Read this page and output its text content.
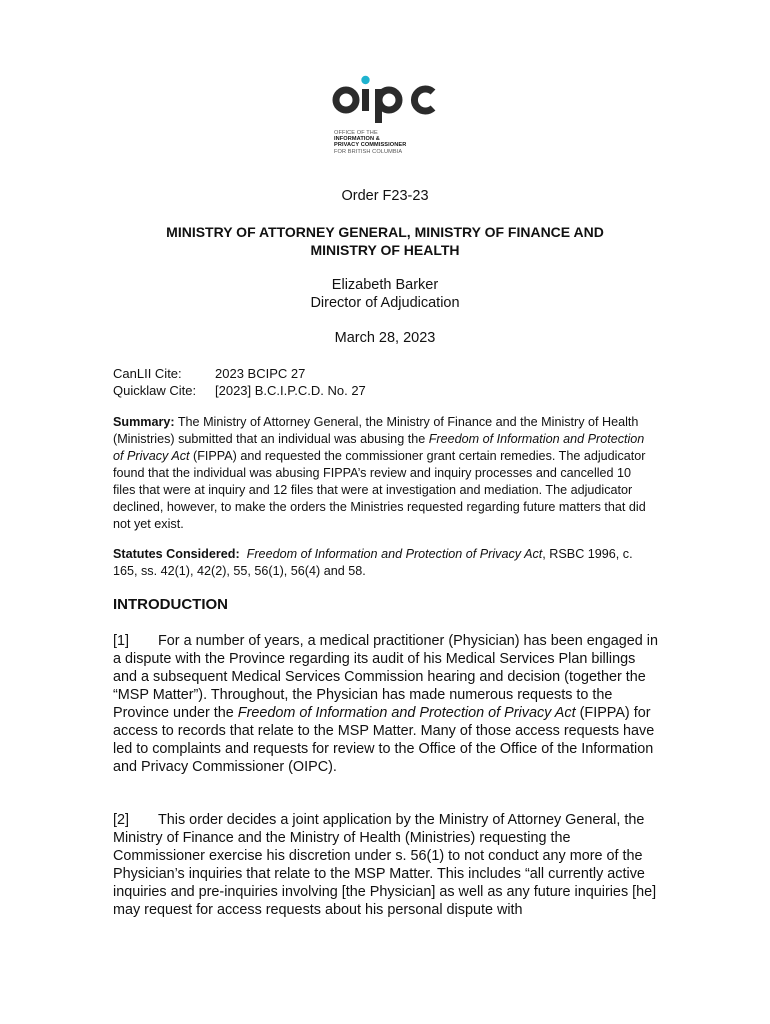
OFFICE OF THE
INFORMATION &
PRIVACY COMMISSIONER
FOR BRITISH COLUMBIA
Order F23-23
MINISTRY OF ATTORNEY GENERAL, MINISTRY OF FINANCE AND
MINISTRY OF HEALTH
Elizabeth Barker
Director of Adjudication
March 28, 2023
CanLII Cite:	2023 BCIPC 27
Quicklaw Cite:	[2023] B.C.I.P.C.D. No. 27
Summary: The Ministry of Attorney General, the Ministry of Finance and the Ministry of Health (Ministries) submitted that an individual was abusing the Freedom of Information and Protection of Privacy Act (FIPPA) and requested the commissioner grant certain remedies. The adjudicator found that the individual was abusing FIPPA’s review and inquiry processes and cancelled 10 files that were at inquiry and 12 files that were at investigation and mediation. The adjudicator declined, however, to make the orders the Ministries requested regarding future matters that did not yet exist.
Statutes Considered: Freedom of Information and Protection of Privacy Act, RSBC 1996, c. 165, ss. 42(1), 42(2), 55, 56(1), 56(4) and 58.
INTRODUCTION
[1] For a number of years, a medical practitioner (Physician) has been engaged in a dispute with the Province regarding its audit of his Medical Services Plan billings and a subsequent Medical Services Commission hearing and decision (together the “MSP Matter”). Throughout, the Physician has made numerous requests to the Province under the Freedom of Information and Protection of Privacy Act (FIPPA) for access to records that relate to the MSP Matter. Many of those access requests have led to complaints and requests for review to the Office of the Office of the Information and Privacy Commissioner (OIPC).
[2] This order decides a joint application by the Ministry of Attorney General, the Ministry of Finance and the Ministry of Health (Ministries) requesting the Commissioner exercise his discretion under s. 56(1) to not conduct any more of the Physician’s inquiries that relate to the MSP Matter. This includes “all currently active inquiries and pre-inquiries involving [the Physician] as well as any future inquiries [he] may request for access requests about his personal dispute with
